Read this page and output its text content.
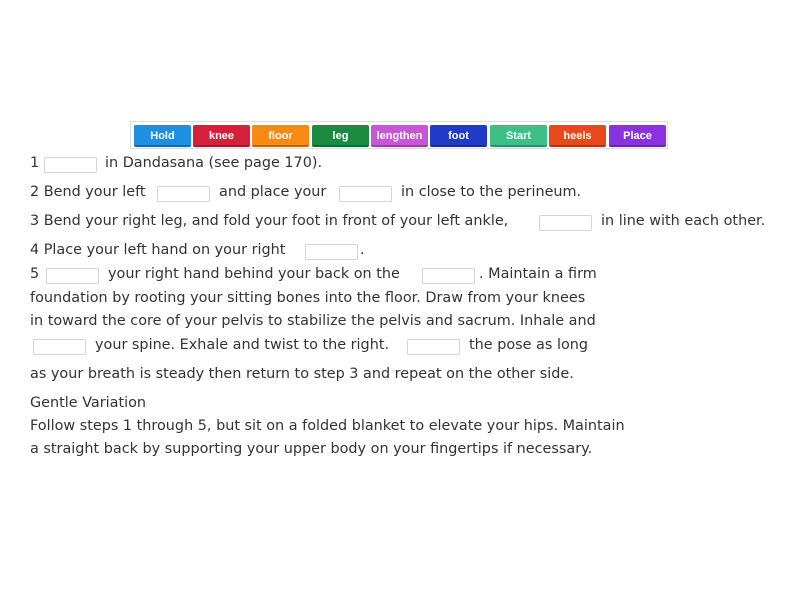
Hold	knee	floor	leg	lengthen	foot	Start	heels	Place
1	in Dandasana (see page 170).
2 Bend your left	and place your	in close to the perineum.
3 Bend your right leg, and fold your foot in front of your left ankle,	in line with each other.
4 Place your left hand on your right	.
5	your right hand behind your back on the	. Maintain a firm
foundation by rooting your sitting bones into the floor. Draw from your knees
in toward the core of your pelvis to stabilize the pelvis and sacrum. Inhale and
your spine. Exhale and twist to the right.	the pose as long
as your breath is steady then return to step 3 and repeat on the other side.
Gentle Variation
Follow steps 1 through 5, but sit on a folded blanket to elevate your hips. Maintain
a straight back by supporting your upper body on your fingertips if necessary.
